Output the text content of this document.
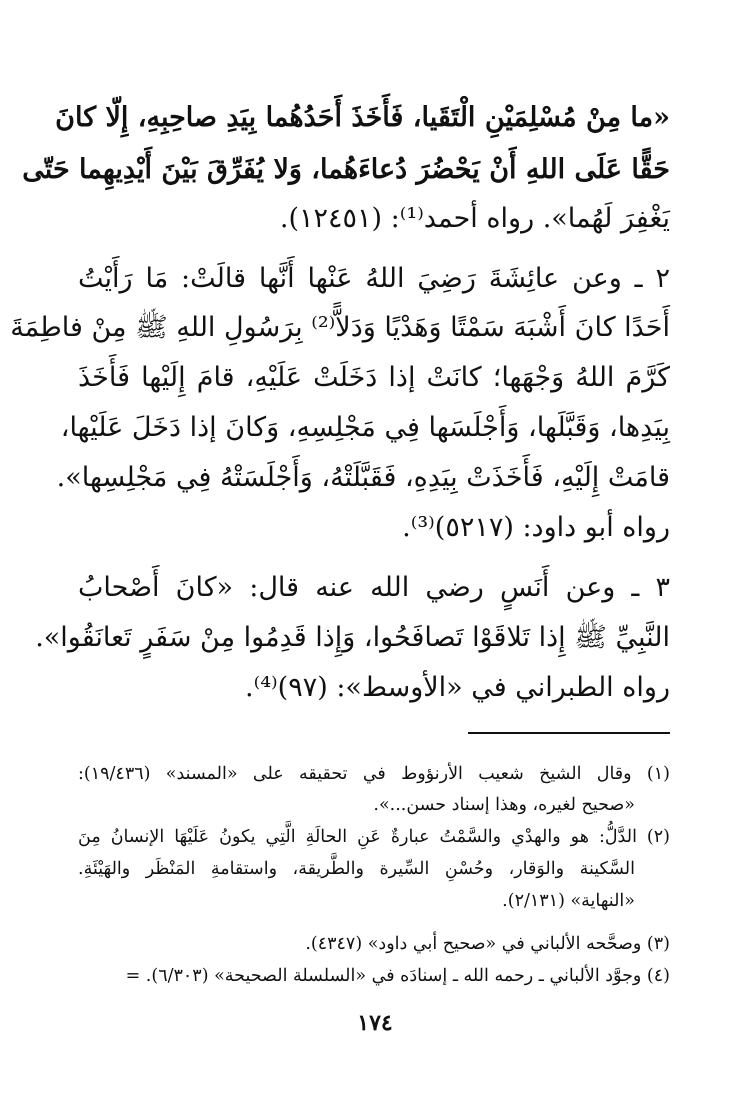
«ما مِنْ مُسْلِمَيْنِ الْتَقَيا، فَأَخَذَ أَحَدُهُما بِيَدِ صاحِبِهِ، إِلّا كانَ
حَقًّا عَلَى اللهِ أَنْ يَحْضُرَ دُعاءَهُما، وَلا يُفَرِّقَ بَيْنَ أَيْدِيهِما حَتّى
يَغْفِرَ لَهُما». رواه أحمد⁽¹⁾: (١٢٤٥١).
٢ ـ وعن عائِشَةَ رَضِيَ اللهُ عَنْها أَنَّها قالَتْ: مَا رَأَيْتُ
أَحَدًا كانَ أَشْبَهَ سَمْتًا وَهَدْيًا وَدَلاًّ⁽²⁾ بِرَسُولِ اللهِ ﷺ مِنْ فاطِمَةَ
كَرَّمَ اللهُ وَجْهَها؛ كانَتْ إذا دَخَلَتْ عَلَيْهِ، قامَ إِلَيْها فَأَخَذَ
بِيَدِها، وَقَبَّلَها، وَأَجْلَسَها فِي مَجْلِسِهِ، وَكانَ إذا دَخَلَ عَلَيْها،
قامَتْ إِلَيْهِ، فَأَخَذَتْ بِيَدِهِ، فَقَبَّلَتْهُ، وَأَجْلَسَتْهُ فِي مَجْلِسِها».
رواه أبو داود: (٥٢١٧)⁽³⁾.
٣ ـ وعن أَنَسٍ رضي الله عنه قال: «كانَ أَصْحابُ
النَّبِيِّ ﷺ إِذا تَلاقَوْا تَصافَحُوا، وَإِذا قَدِمُوا مِنْ سَفَرٍ تَعانَقُوا».
رواه الطبراني في «الأوسط»: (٩٧)⁽⁴⁾.
(١) وقال الشيخ شعيب الأرنؤوط في تحقيقه على «المسند» (١٩/٤٣٦):
«صحيح لغيره، وهذا إسناد حسن...».
(٢) الدَّلُّ: هو والهدْي والسَّمْتُ عبارةٌ عَنِ الحالَةِ الَّتِي يكونُ عَلَيْهَا الإنسانُ مِنَ
السَّكينة والوَقار، وحُسْنِ السِّيرة والطَّريقة، واستقامةِ المَنْظَر والهَيْئَةِ.
«النهاية» (٢/١٣١).
(٣) وصحَّحه الألباني في «صحيح أبي داود» (٤٣٤٧).
(٤) وجوَّد الألباني ـ رحمه الله ـ إسنادَه في «السلسلة الصحيحة» (٦/٣٠٣). =
١٧٤
